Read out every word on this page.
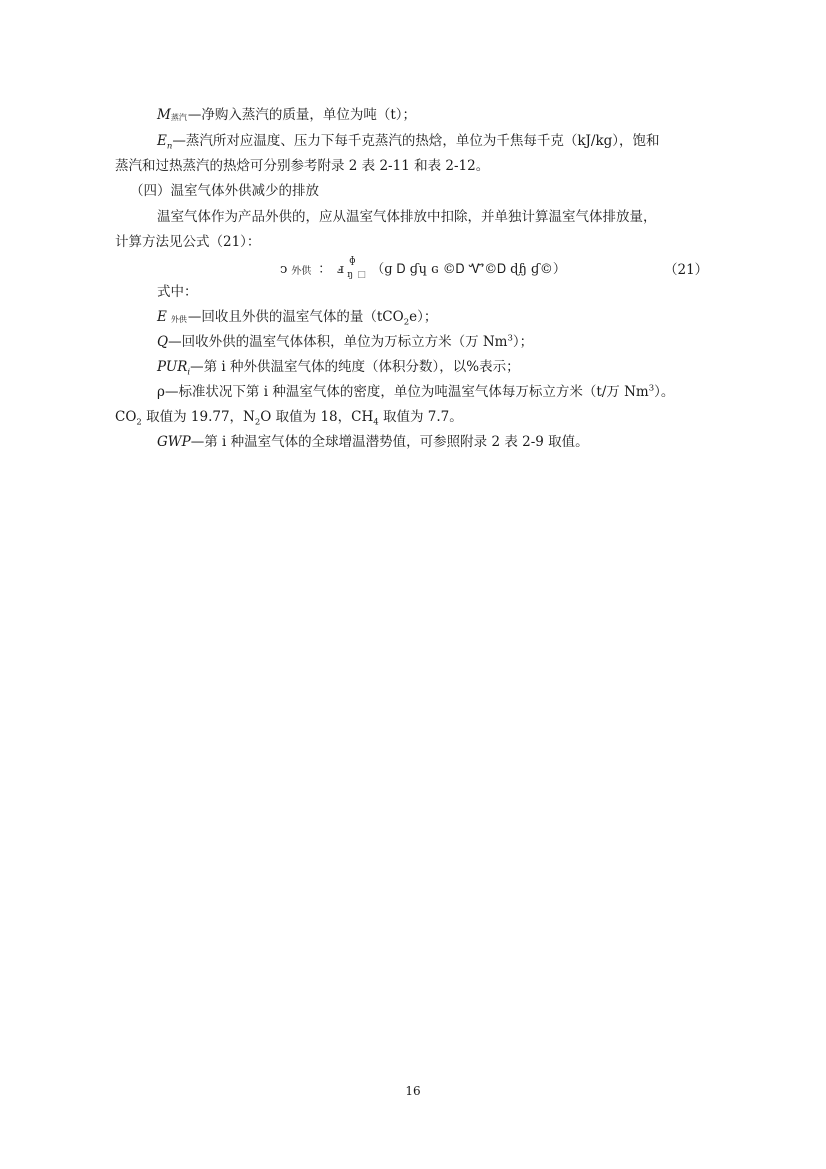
M蒸汽—净购入蒸汽的质量，单位为吨（t）；
$E_n—$蒸汽所对应温度、压力下每千克蒸汽的热焓，单位为千焦每千克（kJ/kg），饱和
蒸汽和过热蒸汽的热焓可分别参考附录 2 表 2-11 和表 2-12。
（四）温室气体外供减少的排放
温室气体作为产品外供的，应从温室气体排放中扣除，并单独计算温室气体排放量，
计算方法见公式（21）：
ↄ 外供 ： ⅎ
ɸ
ŋ □ （ɡ Ꭰ ɠɥ ɢ ©Ꭰ Ꮙ©Ꭰ ɖɧ ɠ©）	（21）
式中：
E外供—回收且外供的温室气体的量（tCO$_2$e）；
Q—回收外供的温室气体体积，单位为万标立方米（万 Nm$^3$）；
$PUR_i—$第 i 种外供温室气体的纯度（体积分数），以%表示；
ρ—标准状况下第 i 种温室气体的密度，单位为吨温室气体每万标立方米（t/万 Nm$^3$）。
$CO_2$ 取值为 19.77，$N_2O$ 取值为 18，$CH_4$ 取值为 7.7。
GWP—第 i 种温室气体的全球增温潜势值，可参照附录 2 表 2-9 取值。
16
